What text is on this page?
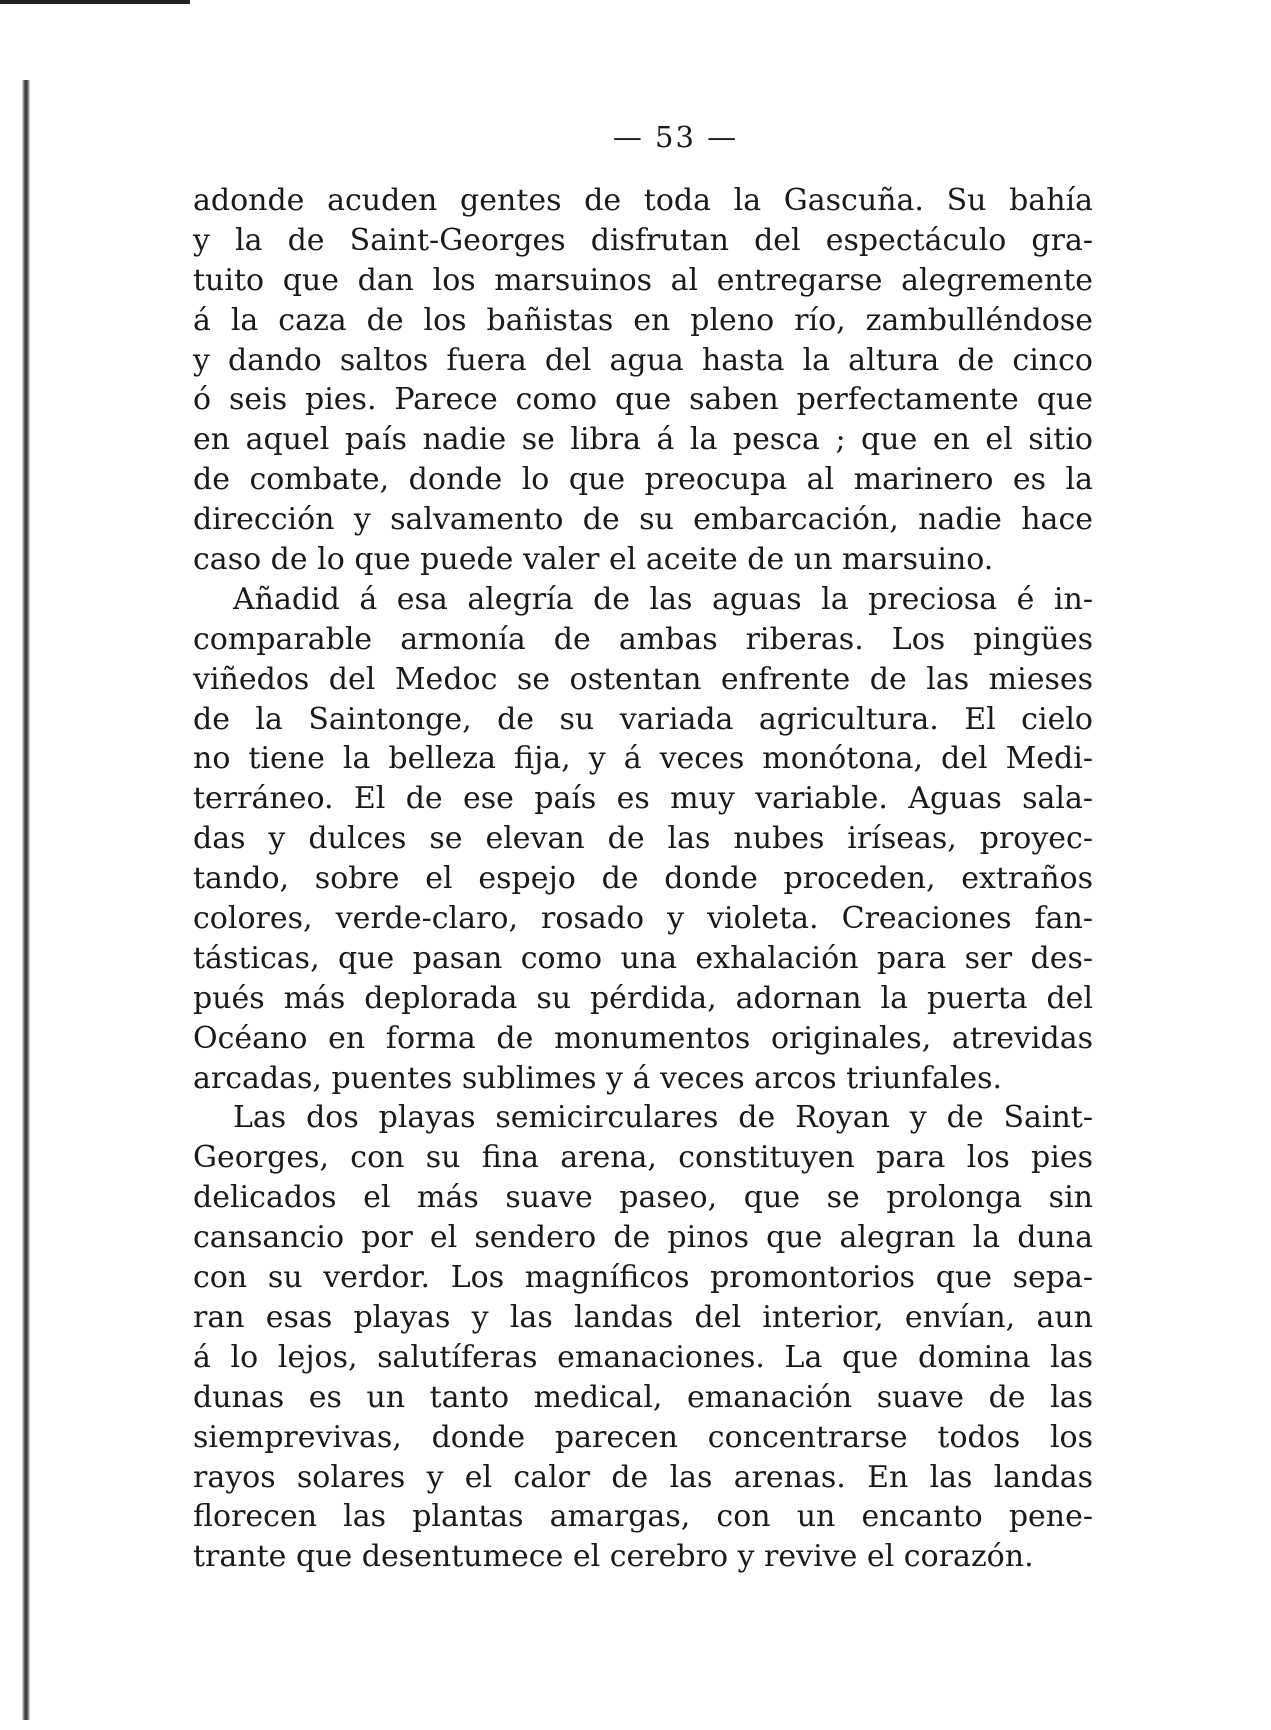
— 53 —
adonde acuden gentes de toda la Gascuña. Su bahía
y la de Saint-Georges disfrutan del espectáculo gra-
tuito que dan los marsuinos al entregarse alegremente
á la caza de los bañistas en pleno río, zambulléndose
y dando saltos fuera del agua hasta la altura de cinco
ó seis pies. Parece como que saben perfectamente que
en aquel país nadie se libra á la pesca ; que en el sitio
de combate, donde lo que preocupa al marinero es la
dirección y salvamento de su embarcación, nadie hace
caso de lo que puede valer el aceite de un marsuino.
Añadid á esa alegría de las aguas la preciosa é in-
comparable armonía de ambas riberas. Los pingües
viñedos del Medoc se ostentan enfrente de las mieses
de la Saintonge, de su variada agricultura. El cielo
no tiene la belleza fija, y á veces monótona, del Medi-
terráneo. El de ese país es muy variable. Aguas sala-
das y dulces se elevan de las nubes iríseas, proyec-
tando, sobre el espejo de donde proceden, extraños
colores, verde-claro, rosado y violeta. Creaciones fan-
tásticas, que pasan como una exhalación para ser des-
pués más deplorada su pérdida, adornan la puerta del
Océano en forma de monumentos originales, atrevidas
arcadas, puentes sublimes y á veces arcos triunfales.
Las dos playas semicirculares de Royan y de Saint-
Georges, con su fina arena, constituyen para los pies
delicados el más suave paseo, que se prolonga sin
cansancio por el sendero de pinos que alegran la duna
con su verdor. Los magníficos promontorios que sepa-
ran esas playas y las landas del interior, envían, aun
á lo lejos, salutíferas emanaciones. La que domina las
dunas es un tanto medical, emanación suave de las
siemprevivas, donde parecen concentrarse todos los
rayos solares y el calor de las arenas. En las landas
florecen las plantas amargas, con un encanto pene-
trante que desentumece el cerebro y revive el corazón.
